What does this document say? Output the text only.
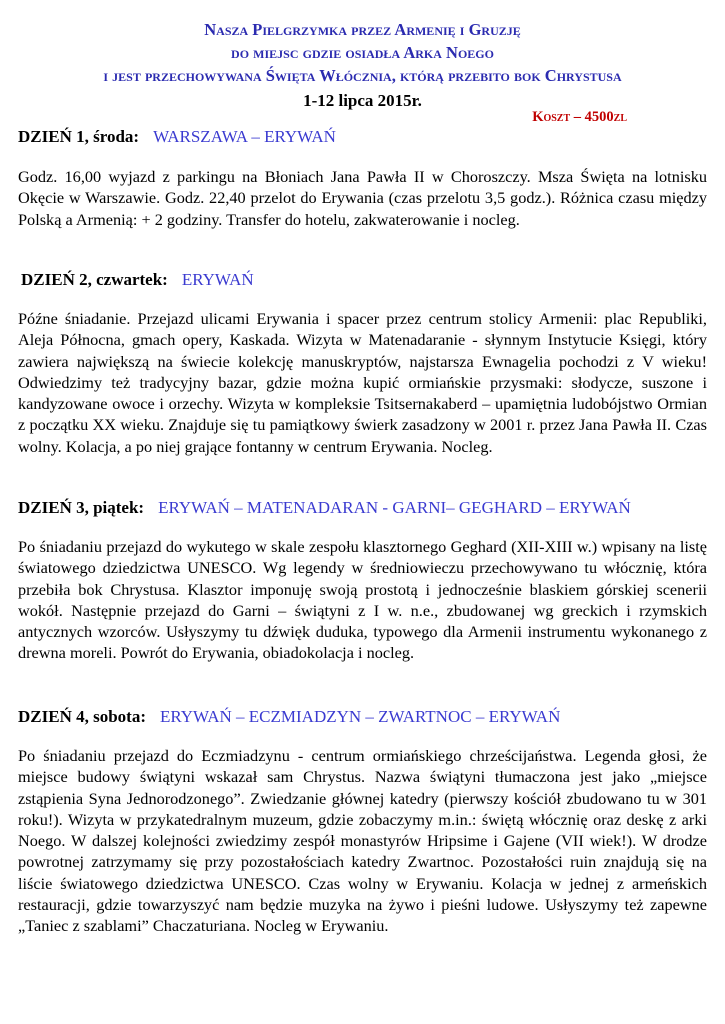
Nasza Pielgrzymka przez Armenię i Gruzję
do miejsc gdzie osiadła Arka Noego
i jest przechowywana Święta Włócznia, którą przebito bok Chrystusa
1-12 lipca 2015r.
Koszt – 4500zl
DZIEŃ 1, środa: WARSZAWA – ERYWAŃ
Godz. 16,00 wyjazd z parkingu na Błoniach Jana Pawła II w Choroszczy. Msza Święta na lotnisku Okęcie w Warszawie. Godz. 22,40 przelot do Erywania (czas przelotu 3,5 godz.). Różnica czasu między Polską a Armenią: + 2 godziny. Transfer do hotelu, zakwaterowanie i nocleg.
DZIEŃ 2, czwartek: ERYWAŃ
Późne śniadanie. Przejazd ulicami Erywania i spacer przez centrum stolicy Armenii: plac Republiki, Aleja Północna, gmach opery, Kaskada. Wizyta w Matenadaranie - słynnym Instytucie Księgi, który zawiera największą na świecie kolekcję manuskryptów, najstarsza Ewnagelia pochodzi z V wieku! Odwiedzimy też tradycyjny bazar, gdzie można kupić ormiańskie przysmaki: słodycze, suszone i kandyzowane owoce i orzechy. Wizyta w kompleksie Tsitsernakaberd – upamiętnia ludobójstwo Ormian z początku XX wieku. Znajduje się tu pamiątkowy świerk zasadzony w 2001 r. przez Jana Pawła II. Czas wolny. Kolacja, a po niej grające fontanny w centrum Erywania. Nocleg.
DZIEŃ 3, piątek: ERYWAŃ – MATENADARAN - GARNI– GEGHARD – ERYWAŃ
Po śniadaniu przejazd do wykutego w skale zespołu klasztornego Geghard (XII-XIII w.) wpisany na listę światowego dziedzictwa UNESCO. Wg legendy w średniowieczu przechowywano tu włócznię, która przebiła bok Chrystusa. Klasztor imponuję swoją prostotą i jednocześnie blaskiem górskiej scenerii wokół. Następnie przejazd do Garni – świątyni z I w. n.e., zbudowanej wg greckich i rzymskich antycznych wzorców. Usłyszymy tu dźwięk duduka, typowego dla Armenii instrumentu wykonanego z drewna moreli. Powrót do Erywania, obiadokolacja i nocleg.
DZIEŃ 4, sobota: ERYWAŃ – ECZMIADZYN – ZWARTNOC – ERYWAŃ
Po śniadaniu przejazd do Eczmiadzynu - centrum ormiańskiego chrześcijaństwa. Legenda głosi, że miejsce budowy świątyni wskazał sam Chrystus. Nazwa świątyni tłumaczona jest jako „miejsce zstąpienia Syna Jednorodzonego”. Zwiedzanie głównej katedry (pierwszy kościół zbudowano tu w 301 roku!). Wizyta w przykatedralnym muzeum, gdzie zobaczymy m.in.: świętą włócznię oraz deskę z arki Noego. W dalszej kolejności zwiedzimy zespół monastyrów Hripsime i Gajene (VII wiek!). W drodze powrotnej zatrzymamy się przy pozostałościach katedry Zwartnoc. Pozostałości ruin znajdują się na liście światowego dziedzictwa UNESCO. Czas wolny w Erywaniu. Kolacja w jednej z armeńskich restauracji, gdzie towarzyszyć nam będzie muzyka na żywo i pieśni ludowe. Usłyszymy też zapewne „Taniec z szablami” Chaczaturiana. Nocleg w Erywaniu.
